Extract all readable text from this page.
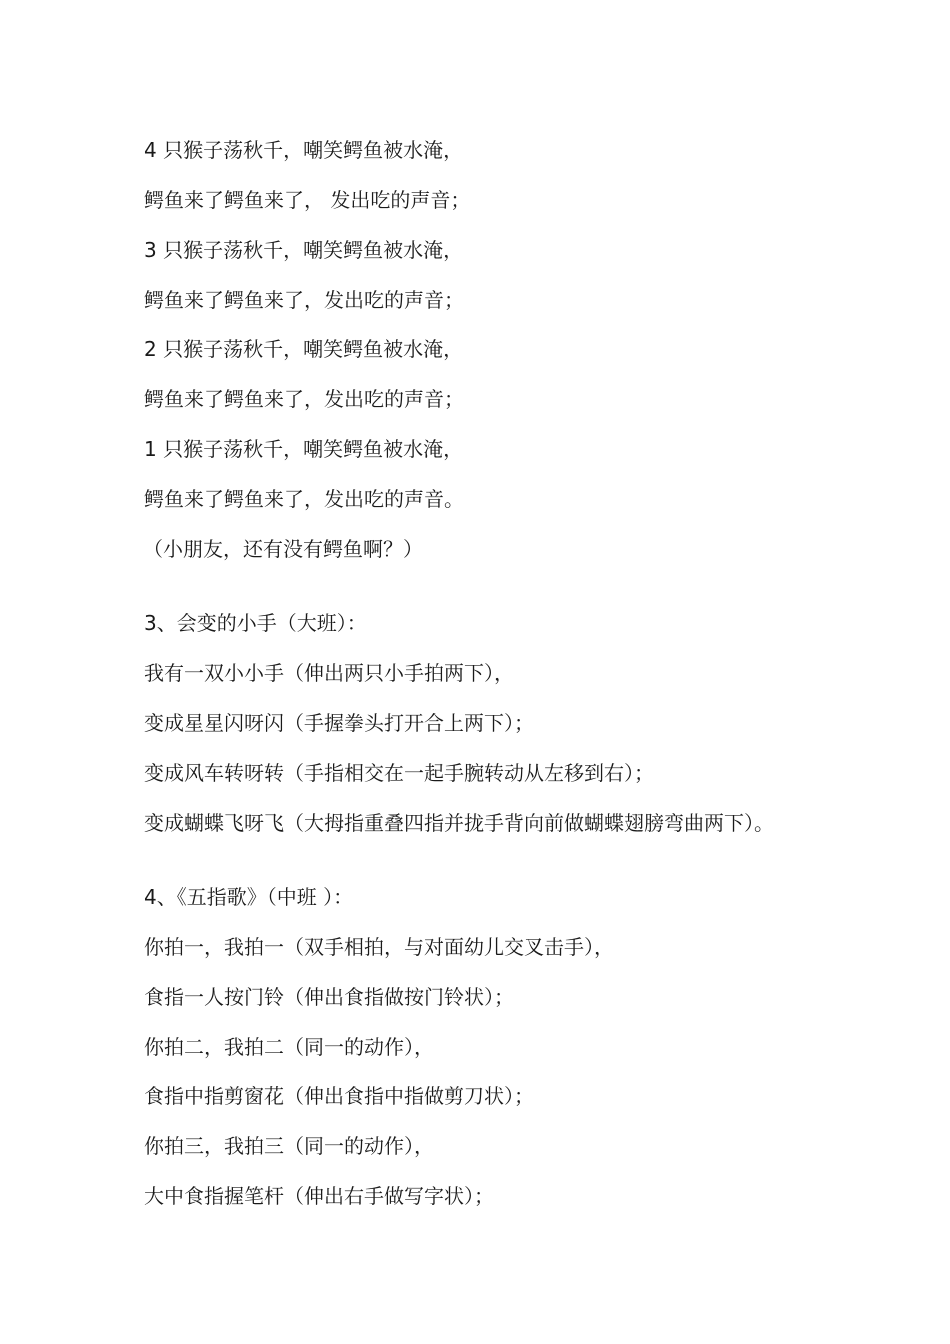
4 只猴子荡秋千，嘲笑鳄鱼被水淹，
鳄鱼来了鳄鱼来了， 发出吃的声音；
3 只猴子荡秋千，嘲笑鳄鱼被水淹，
鳄鱼来了鳄鱼来了，发出吃的声音；
2 只猴子荡秋千，嘲笑鳄鱼被水淹，
鳄鱼来了鳄鱼来了，发出吃的声音；
1 只猴子荡秋千，嘲笑鳄鱼被水淹，
鳄鱼来了鳄鱼来了，发出吃的声音。
（小朋友，还有没有鳄鱼啊？）
3、会变的小手（大班）：
我有一双小小手（伸出两只小手拍两下），
变成星星闪呀闪（手握拳头打开合上两下）；
变成风车转呀转（手指相交在一起手腕转动从左移到右）；
变成蝴蝶飞呀飞（大拇指重叠四指并拢手背向前做蝴蝶翅膀弯曲两下）。
4、《五指歌》（中班 ）：
你拍一，我拍一（双手相拍，与对面幼儿交叉击手），
食指一人按门铃（伸出食指做按门铃状）；
你拍二，我拍二（同一的动作），
食指中指剪窗花（伸出食指中指做剪刀状）；
你拍三，我拍三（同一的动作），
大中食指握笔杆（伸出右手做写字状）；
